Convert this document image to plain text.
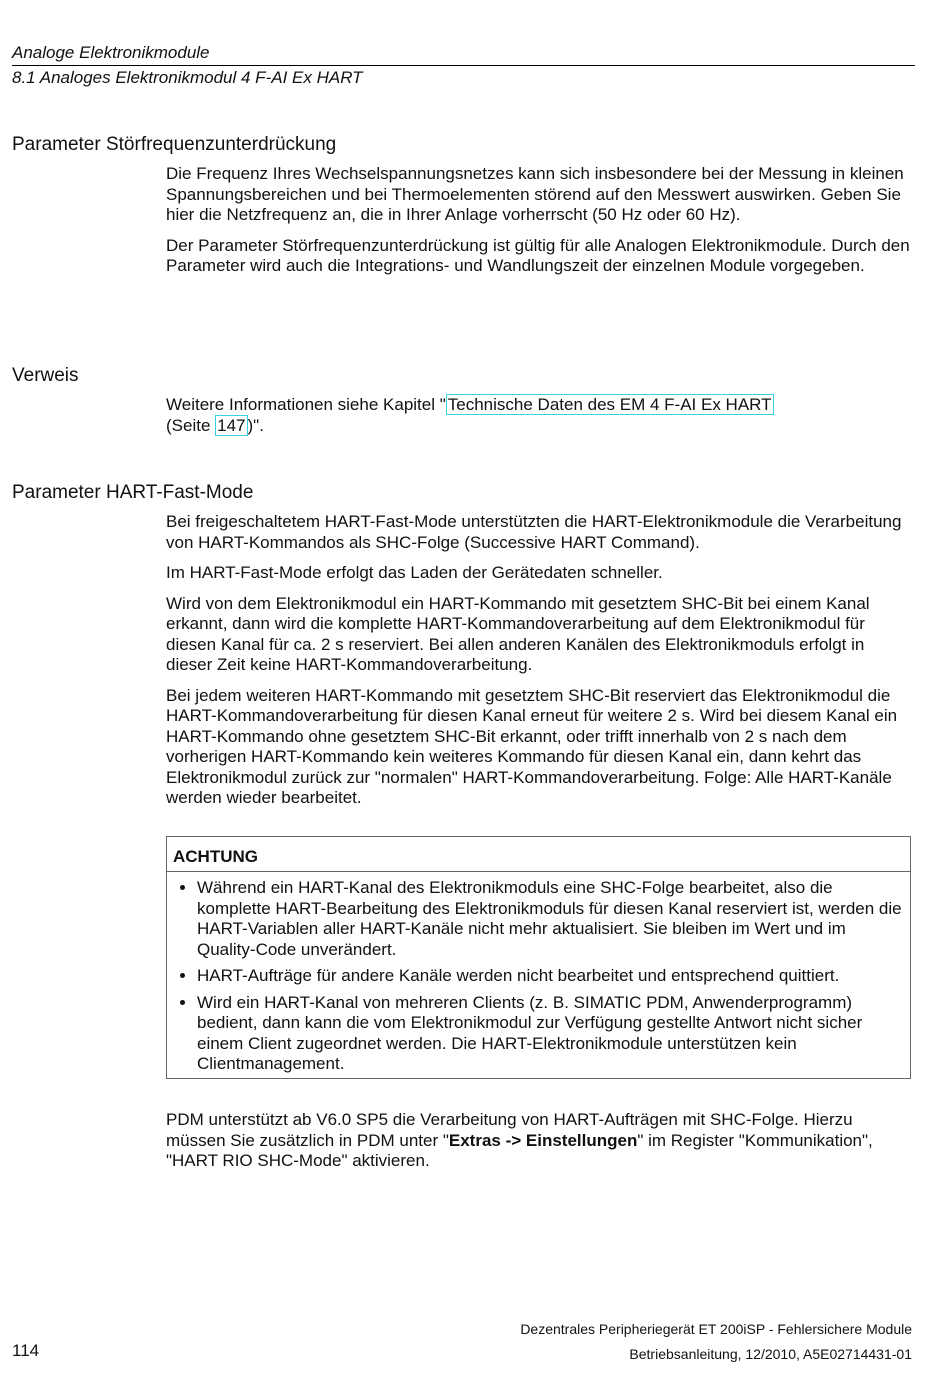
Analoge Elektronikmodule
8.1 Analoges Elektronikmodul 4 F-AI Ex HART
Parameter Störfrequenzunterdrückung

Die Frequenz Ihres Wechselspannungsnetzes kann sich insbesondere bei der Messung in kleinen Spannungsbereichen und bei Thermoelementen störend auf den Messwert auswirken. Geben Sie hier die Netzfrequenz an, die in Ihrer Anlage vorherrscht (50 Hz oder 60 Hz).

Der Parameter Störfrequenzunterdrückung ist gültig für alle Analogen Elektronikmodule. Durch den Parameter wird auch die Integrations- und Wandlungszeit der einzelnen Module vorgegeben.

Verweis

Weitere Informationen siehe Kapitel " Technische Daten des EM 4 F-AI Ex HART
(Seite 147 )".

Parameter HART-Fast-Mode

Bei freigeschaltetem HART-Fast-Mode unterstützten die HART-Elektronikmodule die Verarbeitung von HART-Kommandos als SHC-Folge (Successive HART Command).

Im HART-Fast-Mode erfolgt das Laden der Gerätedaten schneller.

Wird von dem Elektronikmodul ein HART-Kommando mit gesetztem SHC-Bit bei einem Kanal erkannt, dann wird die komplette HART-Kommandoverarbeitung auf dem Elektronikmodul für diesen Kanal für ca. 2 s reserviert. Bei allen anderen Kanälen des Elektronikmoduls erfolgt in dieser Zeit keine HART-Kommandoverarbeitung.

Bei jedem weiteren HART-Kommando mit gesetztem SHC-Bit reserviert das Elektronikmodul die HART-Kommandoverarbeitung für diesen Kanal erneut für weitere 2 s. Wird bei diesem Kanal ein HART-Kommando ohne gesetztem SHC-Bit erkannt, oder trifft innerhalb von 2 s nach dem vorherigen HART-Kommando kein weiteres Kommando für diesen Kanal ein, dann kehrt das Elektronikmodul zurück zur "normalen" HART-Kommandoverarbeitung. Folge: Alle HART-Kanäle werden wieder bearbeitet.

ACHTUNG
• Während ein HART-Kanal des Elektronikmoduls eine SHC-Folge bearbeitet, also die komplette HART-Bearbeitung des Elektronikmoduls für diesen Kanal reserviert ist, werden die HART-Variablen aller HART-Kanäle nicht mehr aktualisiert. Sie bleiben im Wert und im Quality-Code unverändert.
• HART-Aufträge für andere Kanäle werden nicht bearbeitet und entsprechend quittiert.
• Wird ein HART-Kanal von mehreren Clients (z. B. SIMATIC PDM, Anwenderprogramm) bedient, dann kann die vom Elektronikmodul zur Verfügung gestellte Antwort nicht sicher einem Client zugeordnet werden. Die HART-Elektronikmodule unterstützen kein Clientmanagement.

PDM unterstützt ab V6.0 SP5 die Verarbeitung von HART-Aufträgen mit SHC-Folge. Hierzu müssen Sie zusätzlich in PDM unter "Extras -> Einstellungen" im Register "Kommunikation", "HART RIO SHC-Mode" aktivieren.

Dezentrales Peripheriegerät ET 200iSP - Fehlersichere Module
114	Betriebsanleitung, 12/2010, A5E02714431-01
